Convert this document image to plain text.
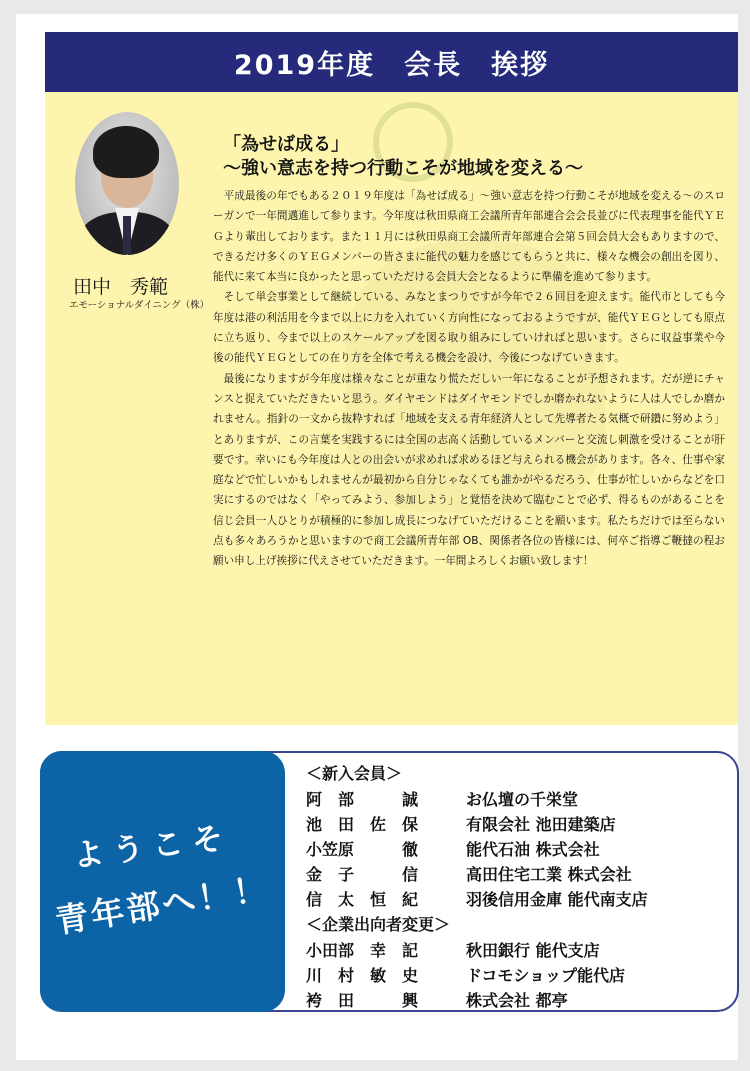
2019年度　会長　挨拶
田中　秀範
エモーショナルダイニング（株）
「為せば成る」
〜強い意志を持つ行動こそが地域を変える〜

平成最後の年でもある２０１９年度は「為せば成る」〜強い意志を持つ行動こそが地域を変える〜のスローガンで一年間邁進して参ります。今年度は秋田県商工会議所青年部連合会会長並びに代表理事を能代ＹＥＧより輩出しております。また１１月には秋田県商工会議所青年部連合会第５回会員大会もありますので、できるだけ多くのＹＥＧメンバーの皆さまに能代の魅力を感じてもらうと共に、様々な機会の創出を図り、能代に来て本当に良かったと思っていただける会員大会となるように準備を進めて参ります。

そして単会事業として継続している、みなとまつりですが今年で２６回目を迎えます。能代市としても今年度は港の利活用を今まで以上に力を入れていく方向性になっておるようですが、能代ＹＥＧとしても原点に立ち返り、今まで以上のスケールアップを図る取り組みにしていければと思います。さらに収益事業や今後の能代ＹＥＧとしての在り方を全体で考える機会を設け、今後につなげていきます。

最後になりますが今年度は様々なことが重なり慌ただしい一年になることが予想されます。だが逆にチャンスと捉えていただきたいと思う。ダイヤモンドはダイヤモンドでしか磨かれないように人は人でしか磨かれません。指針の一文から抜粋すれば「地域を支える青年経済人として先導者たる気概で研鑽に努めよう」とありますが、この言葉を実践するには全国の志高く活動しているメンバーと交流し刺激を受けることが肝要です。幸いにも今年度は人との出会いが求めれば求めるほど与えられる機会があります。各々、仕事や家庭などで忙しいかもしれませんが最初から自分じゃなくても誰かがやるだろう、仕事が忙しいからなどを口実にするのではなく「やってみよう、参加しよう」と覚悟を決めて臨むことで必ず、得るものがあることを信じ会員一人ひとりが積極的に参加し成長につなげていただけることを願います。私たちだけでは至らない点も多々あろうかと思いますので商工会議所青年部 OB、関係者各位の皆様には、何卒ご指導ご鞭撻の程お願い申し上げ挨拶に代えさせていただきます。一年間よろしくお願い致します！

ようこそ
青年部へ！！
＜新入会員＞
阿　部　　　誠	お仏壇の千栄堂
池　田　佐　保	有限会社 池田建築店
小笠原　　　徹	能代石油 株式会社
金　子　　　信	高田住宅工業 株式会社
信　太　恒　紀	羽後信用金庫 能代南支店
＜企業出向者変更＞
小田部　幸　記	秋田銀行 能代支店
川　村　敏　史	ドコモショップ能代店
袴　田　　　興	株式会社 都亭
